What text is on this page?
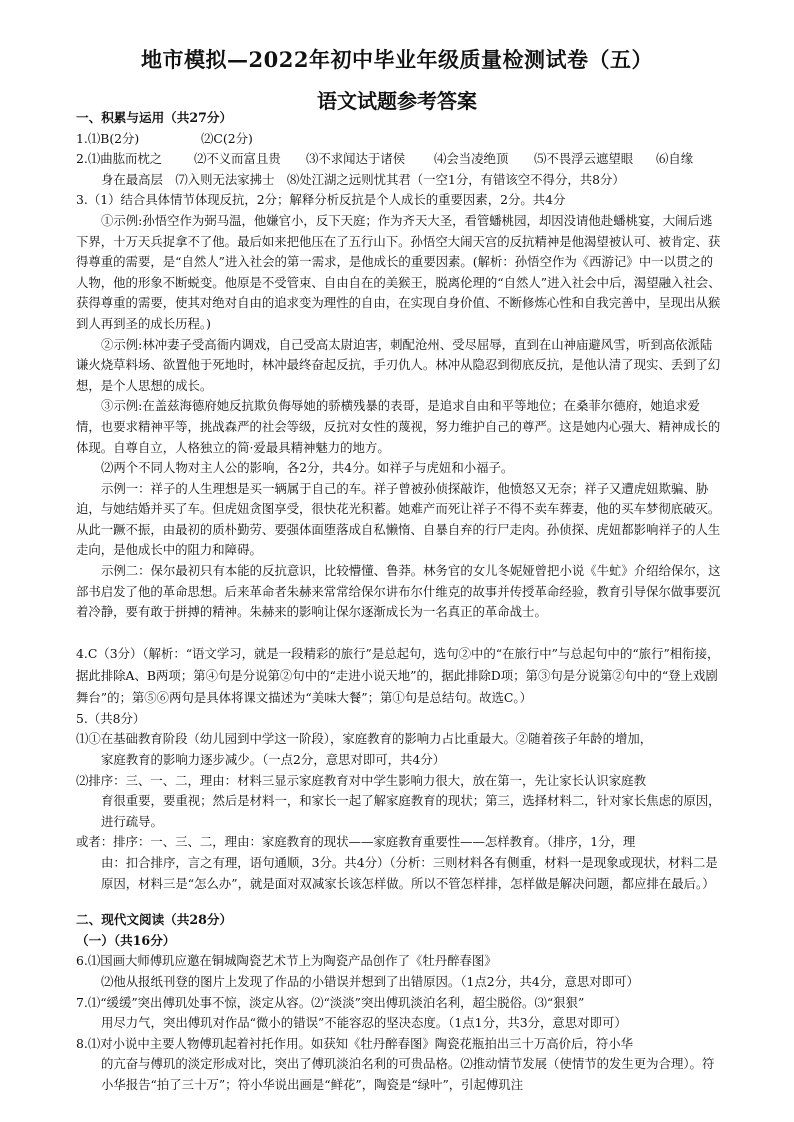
地市模拟—2022年初中毕业年级质量检测试卷（五）
语文试题参考答案

一、积累与运用（共27分）

1.⑴B(2分)	⑵C(2分)
2.⑴曲肱而枕之	⑵不义而富且贵	⑶不求闻达于诸侯	⑷会当凌绝顶	⑸不畏浮云遮望眼	⑹自缘

身在最高层　⑺入则无法家拂士　⑻处江湖之远则忧其君（一空1分，有错该空不得分，共8分）

3.（1）结合具体情节体现反抗，2分；解释分析反抗是个人成长的重要因素，2分。共4分

①示例:孙悟空作为弼马温，他嫌官小，反下天庭；作为齐天大圣，看管蟠桃园，却因没请他赴蟠桃宴，大闹后逃下界，十万天兵捉拿不了他。最后如来把他压在了五行山下。孙悟空大闹天宫的反抗精神是他渴望被认可、被肯定、获得尊重的需要，是“自然人”进入社会的第一需求，是他成长的重要因素。(解析：孙悟空作为《西游记》中一以贯之的人物，他的形象不断蜕变。他原是不受管束、自由自在的美猴王，脱离伦理的“自然人”进入社会中后，渴望融入社会、获得尊重的需要，使其对绝对自由的追求变为理性的自由，在实现自身价值、不断修炼心性和自我完善中，呈现出从猴到人再到圣的成长历程。)

②示例:林冲妻子受高衙内调戏，自己受高太尉迫害，刺配沧州、受尽屈辱，直到在山神庙避风雪，听到高依派陆谦火烧草料场、欲置他于死地时，林冲最终奋起反抗，手刃仇人。林冲从隐忍到彻底反抗，是他认清了现实、丢到了幻想，是个人思想的成长。

③示例:在盖兹海德府她反抗欺负侮辱她的骄横残暴的表哥，是追求自由和平等地位；在桑菲尔德府，她追求爱情，也要求精神平等，挑战森严的社会等级，反抗对女性的蔑视，努力维护自己的尊严。这是她内心强大、精神成长的体现。自尊自立，人格独立的简·爱最具精神魅力的地方。

⑵两个不同人物对主人公的影响，各2分，共4分。如祥子与虎妞和小福子。

示例一：祥子的人生理想是买一辆属于自己的车。祥子曾被孙侦探敲诈，他愤怒又无奈；祥子又遭虎妞欺骗、胁迫，与她结婚并买了车。但虎妞贪图享受，很快花光积蓄。她难产而死让祥子不得不卖车葬妻，他的买车梦彻底破灭。从此一蹶不振，由最初的质朴勤劳、要强体面堕落成自私懒惰、自暴自弃的行尸走肉。孙侦探、虎妞都影响祥子的人生走向，是他成长中的阻力和障碍。

示例二：保尔最初只有本能的反抗意识，比较懵懂、鲁莽。林务官的女儿冬妮娅曾把小说《牛虻》介绍给保尔，这部书启发了他的革命思想。后来革命者朱赫来常常给保尔讲布尔什维克的故事并传授革命经验，教育引导保尔做事要沉着冷静，要有敢于拼搏的精神。朱赫来的影响让保尔逐渐成长为一名真正的革命战士。

4.C（3分）（解析：“语文学习，就是一段精彩的旅行”是总起句，选句②中的“在旅行中”与总起句中的“旅行”相衔接，据此排除A、B两项；第④句是分说第②句中的“走进小说天地”的，据此排除D项；第③句是分说第②句中的“登上戏剧舞台”的；第⑤⑥两句是具体将课文描述为“美味大餐”；第①句是总结句。故选C。）

5.（共8分）

⑴①在基础教育阶段（幼儿园到中学这一阶段），家庭教育的影响力占比重最大。②随着孩子年龄的增加，

家庭教育的影响力逐步减少。（一点2分，意思对即可，共4分）

⑵排序：三、一、二，理由：材料三显示家庭教育对中学生影响力很大，放在第一，先让家长认识家庭教

育很重要，要重视；然后是材料一，和家长一起了解家庭教育的现状；第三，选择材料二，针对家长焦虑的原因，进行疏导。

或者：排序：一、三、二，理由：家庭教育的现状——家庭教育重要性——怎样教育。（排序，1分，理

由：扣合排序，言之有理，语句通顺，3分。共4分）（分析：三则材料各有侧重，材料一是现象或现状，材料二是原因，材料三是“怎么办”，就是面对双减家长该怎样做。所以不管怎样排，怎样做是解决问题，都应排在最后。）

二、现代文阅读（共28分）

（一）（共16分）

6.⑴国画大师傅玑应邀在铜城陶瓷艺术节上为陶瓷产品创作了《牡丹醉春图》

⑵他从报纸刊登的图片上发现了作品的小错误并想到了出错原因。（1点2分，共4分，意思对即可）

7.⑴“缓缓”突出傅玑处事不惊，淡定从容。⑵“淡淡”突出傅玑淡泊名利，超尘脱俗。⑶“狠狠”

用尽力气，突出傅玑对作品“微小的错误”不能容忍的坚决态度。（1点1分，共3分，意思对即可）

8.⑴对小说中主要人物傅玑起着衬托作用。如获知《牡丹醉春图》陶瓷花瓶拍出三十万高价后，符小华

的亢奋与傅玑的淡定形成对比，突出了傅玑淡泊名利的可贵品格。⑵推动情节发展（使情节的发生更为合理）。符小华报告“拍了三十万”；符小华说出画是“鲜花”，陶瓷是“绿叶”，引起傅玑注
